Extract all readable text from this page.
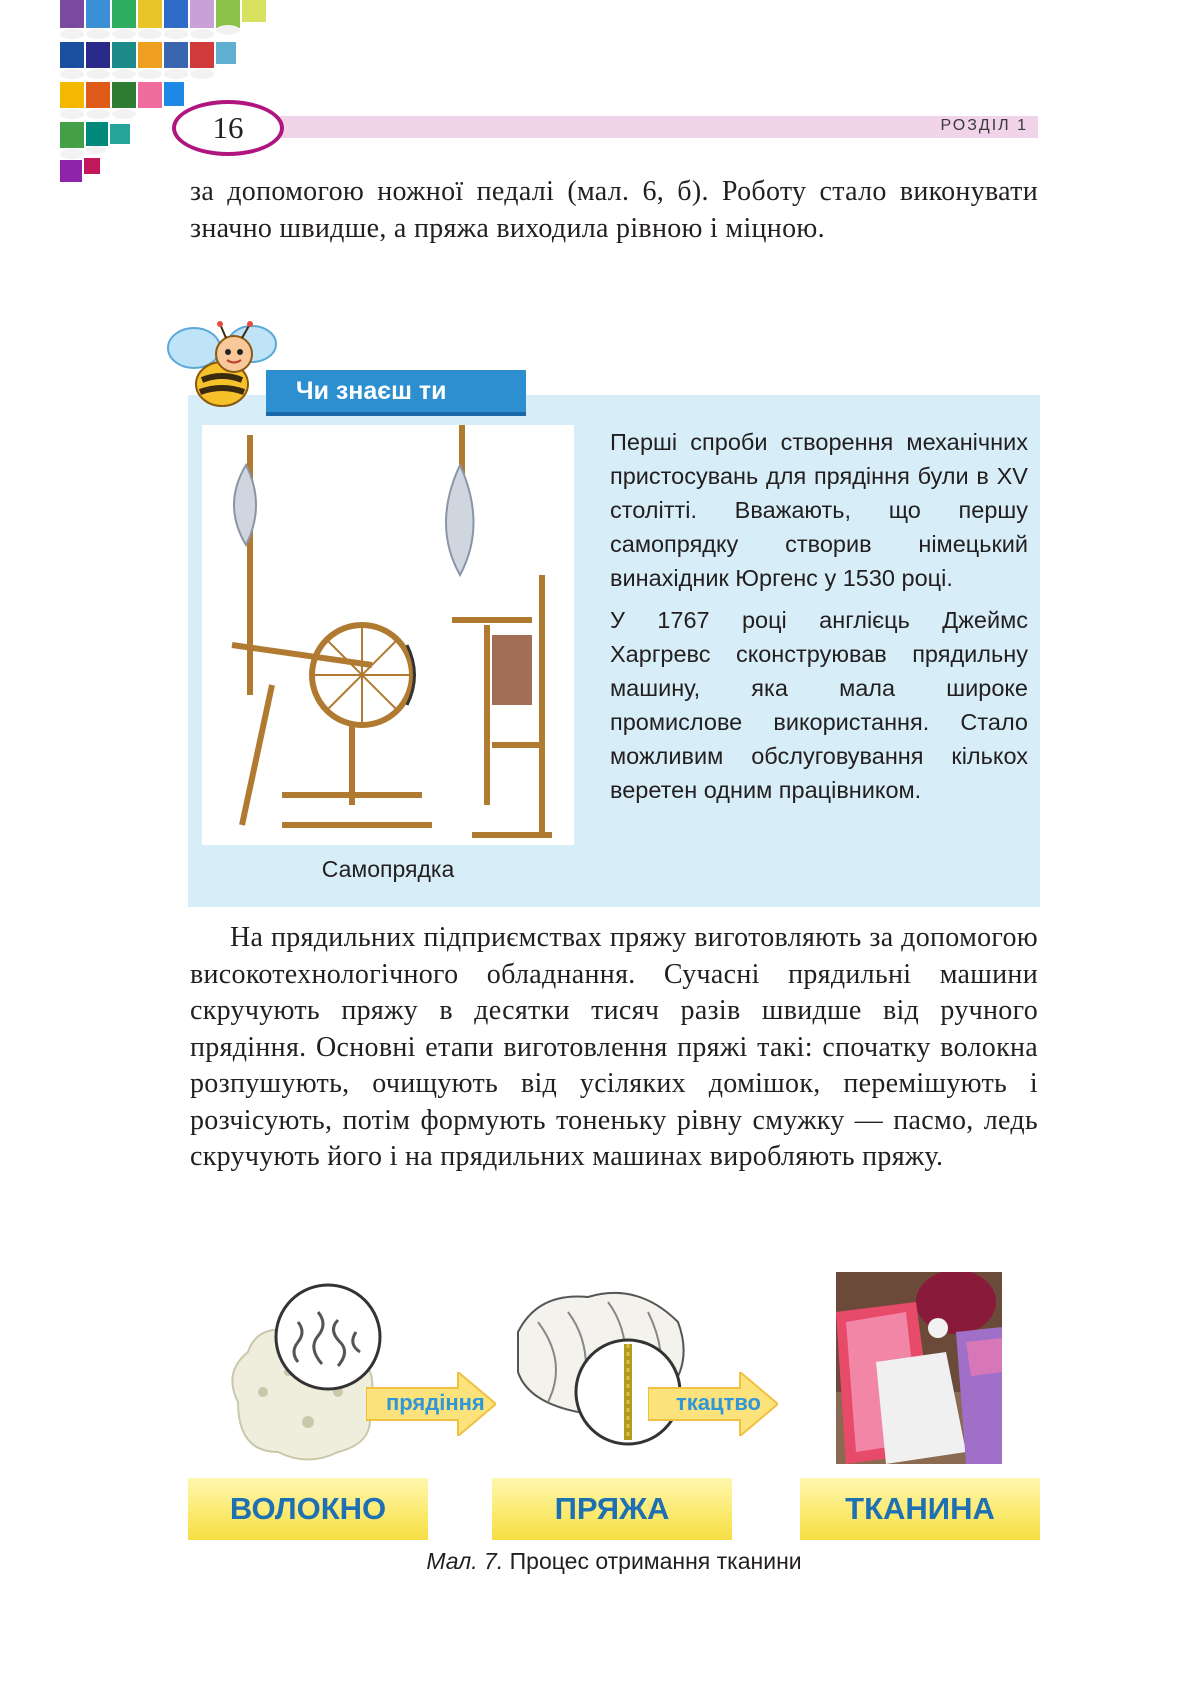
РОЗДІЛ 1
16

за допомогою ножної педалі (мал. 6, б). Роботу стало виконувати значно швидше, а пряжа виходила рівною і міцною.

Чи знаєш ти
Самопрядка

Перші спроби створення механічних пристосувань для прядіння були в XV столітті. Вважають, що першу самопрядку створив німецький винахідник Юргенс у 1530 році.

У 1767 році англієць Джеймс Харгревс сконструював прядильну машину, яка мала широке промислове використання. Стало можливим обслуговування кількох веретен одним працівником.

На прядильних підприємствах пряжу виготовляють за допомогою високотехнологічного обладнання. Сучасні прядильні машини скручують пряжу в десятки тисяч разів швидше від ручного прядіння. Основні етапи виготовлення пряжі такі: спочатку волокна розпушують, очищують від усіляких домішок, перемішують і розчісують, потім формують тоненьку рівну смужку — пасмо, ледь скручують його і на прядильних машинах виробляють пряжу.

прядіння	ткацтво
ВОЛОКНО	ПРЯЖА	ТКАНИНА
Мал. 7. Процес отримання тканини
